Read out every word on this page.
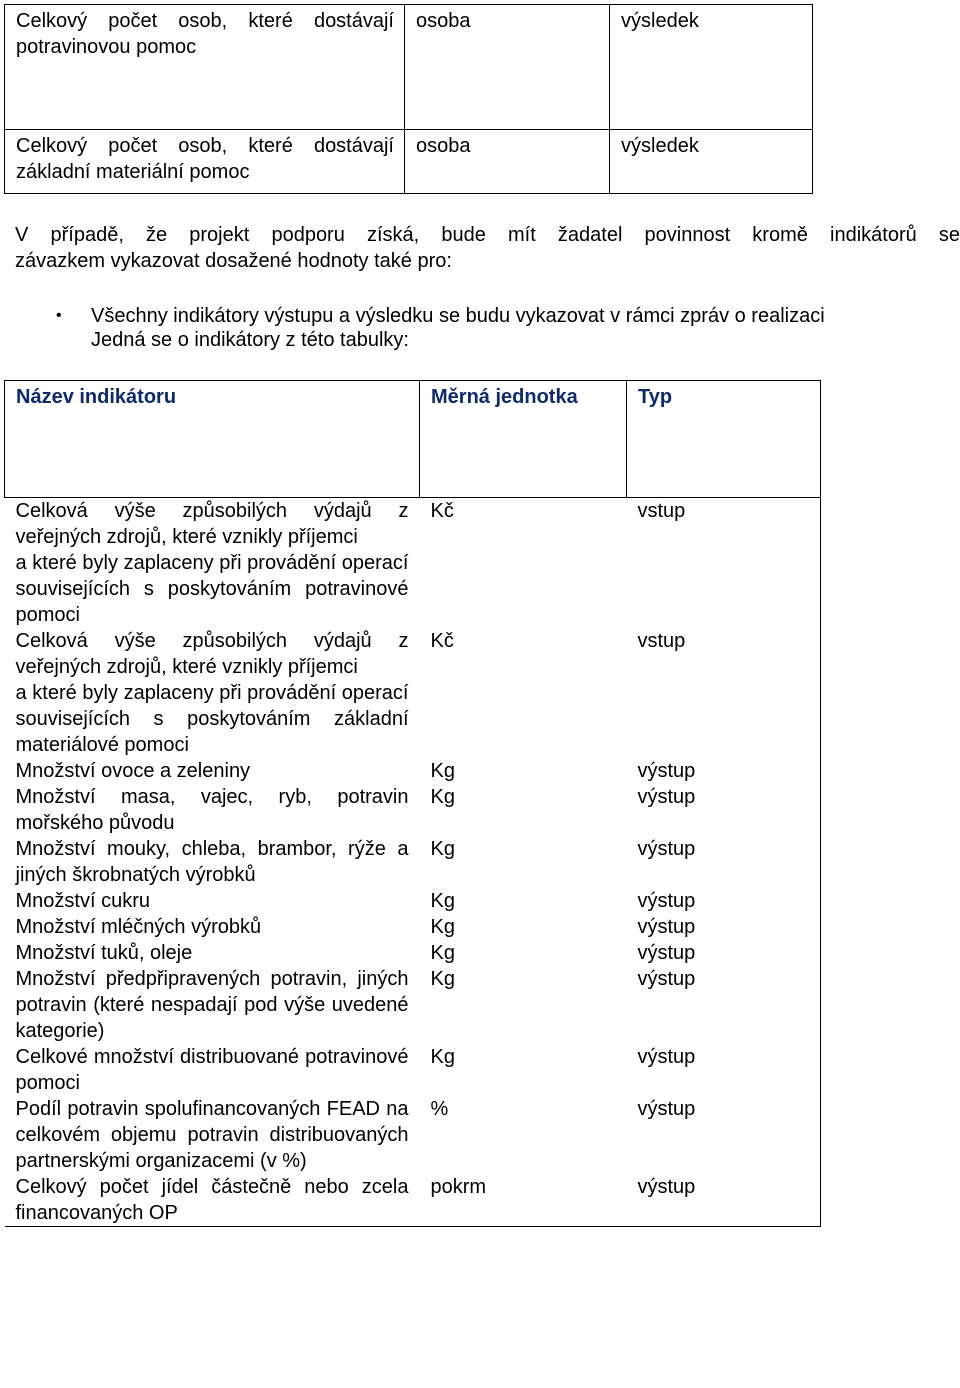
Celkový počet osob, které dostávají potravinovou pomoc	osoba	výsledek
Celkový počet osob, které dostávají základní materiální pomoc	osoba	výsledek
V případě, že projekt podporu získá, bude mít žadatel povinnost kromě indikátorů se
závazkem vykazovat dosažené hodnoty také pro:
• Všechny indikátory výstupu a výsledku se budu vykazovat v rámci zpráv o realizaci
Jedná se o indikátory z této tabulky:
Název indikátoru	Měrná jednotka	Typ
Celková výše způsobilých výdajů z veřejných zdrojů, které vznikly příjemci
a které byly zaplaceny při provádění operací souvisejících s poskytováním potravinové pomoci	Kč	vstup
Celková výše způsobilých výdajů z veřejných zdrojů, které vznikly příjemci
a které byly zaplaceny při provádění operací souvisejících s poskytováním základní materiálové pomoci	Kč	vstup
Množství ovoce a zeleniny	Kg	výstup
Množství masa, vajec, ryb, potravin mořského původu	Kg	výstup
Množství mouky, chleba, brambor, rýže a jiných škrobnatých výrobků	Kg	výstup
Množství cukru	Kg	výstup
Množství mléčných výrobků	Kg	výstup
Množství tuků, oleje	Kg	výstup
Množství předpřipravených potravin, jiných potravin (které nespadají pod výše uvedené kategorie)	Kg	výstup
Celkové množství distribuované potravinové pomoci	Kg	výstup
Podíl potravin spolufinancovaných FEAD na celkovém objemu potravin distribuovaných partnerskými organizacemi (v %)	%	výstup
Celkový počet jídel částečně nebo zcela financovaných OP	pokrm	výstup
